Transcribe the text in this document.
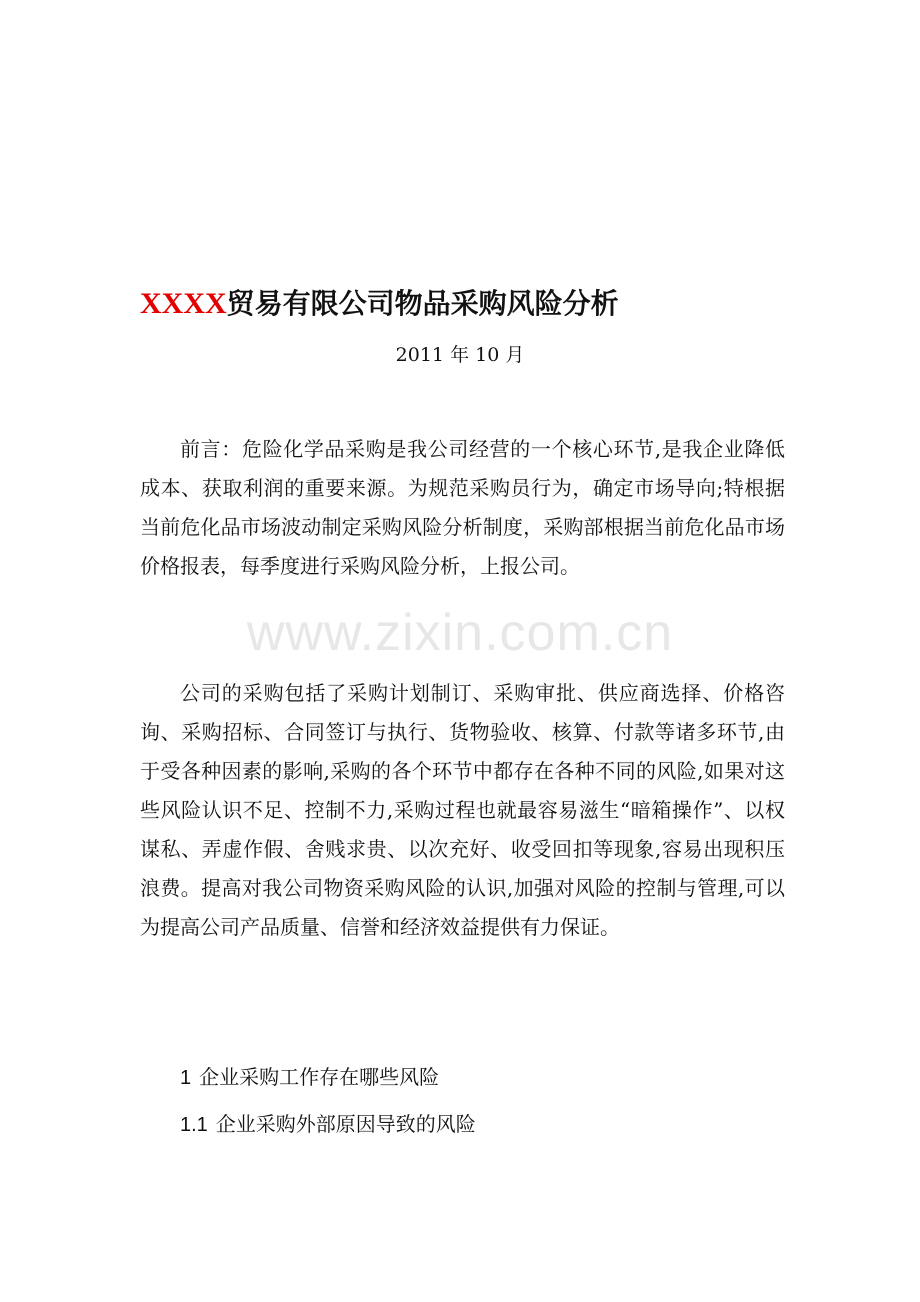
XXXX贸易有限公司物品采购风险分析
2011 年 10 月

前言：危险化学品采购是我公司经营的一个核心环节,是我企业降低成本、获取利润的重要来源。为规范采购员行为，确定市场导向;特根据当前危化品市场波动制定采购风险分析制度，采购部根据当前危化品市场价格报表，每季度进行采购风险分析，上报公司。

www.zixin.com.cn

公司的采购包括了采购计划制订、采购审批、供应商选择、价格咨询、采购招标、合同签订与执行、货物验收、核算、付款等诸多环节,由于受各种因素的影响,采购的各个环节中都存在各种不同的风险,如果对这些风险认识不足、控制不力,采购过程也就最容易滋生“暗箱操作”、以权谋私、弄虚作假、舍贱求贵、以次充好、收受回扣等现象,容易出现积压浪费。提高对我公司物资采购风险的认识,加强对风险的控制与管理,可以为提高公司产品质量、信誉和经济效益提供有力保证。

1 企业采购工作存在哪些风险
1.1 企业采购外部原因导致的风险
